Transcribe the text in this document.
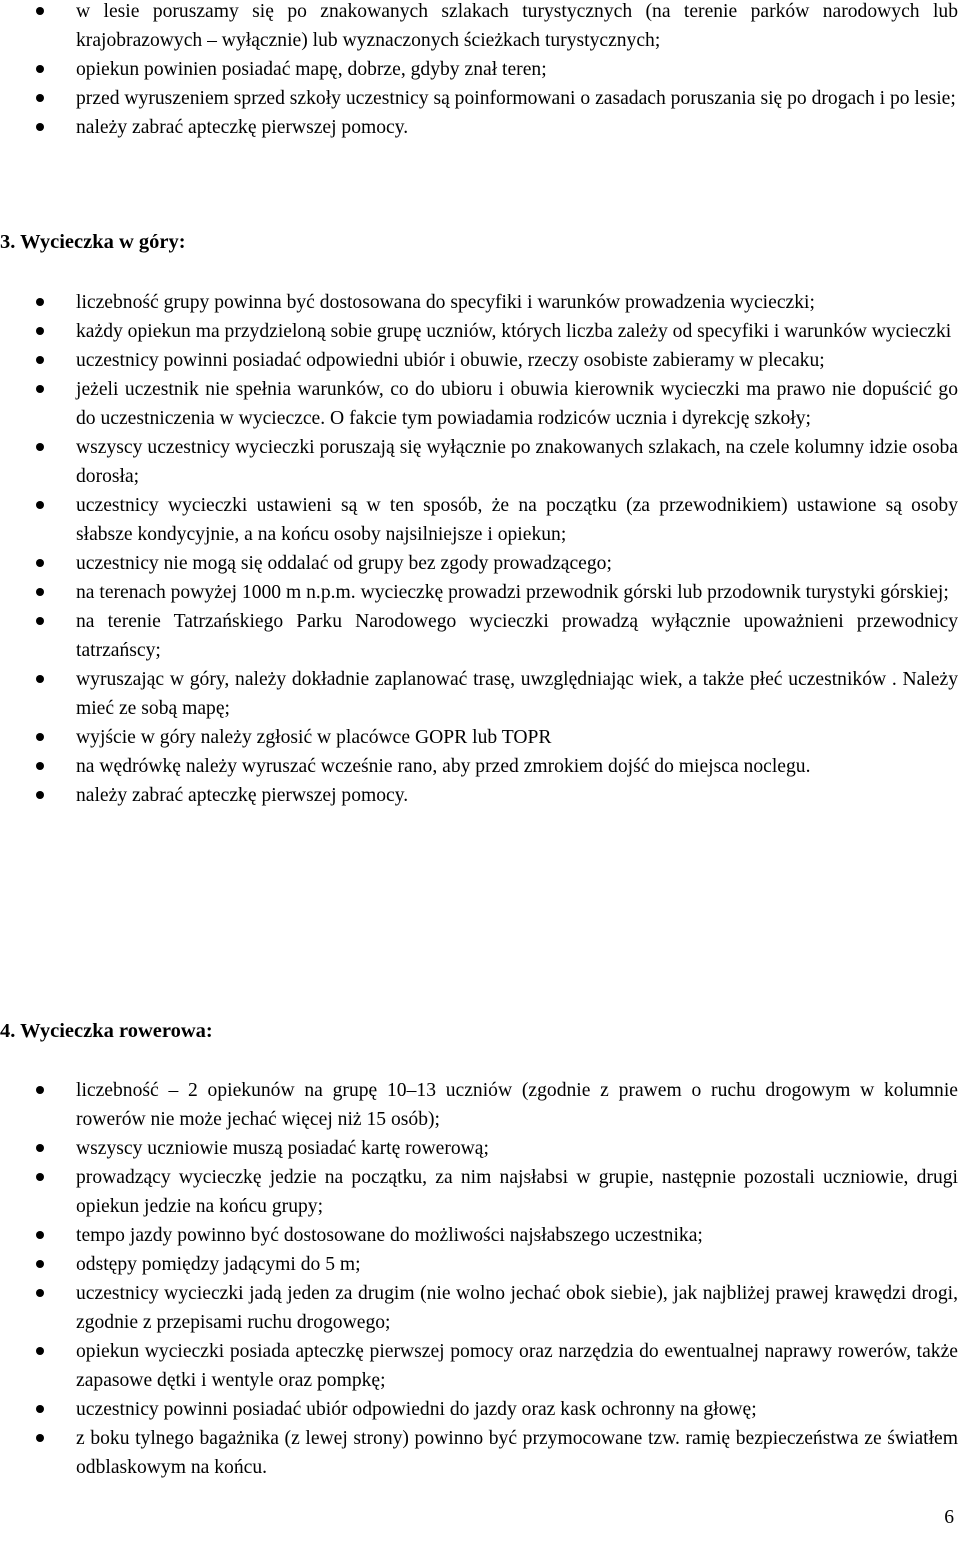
w lesie poruszamy się po znakowanych szlakach turystycznych (na terenie parków narodowych lub krajobrazowych – wyłącznie) lub wyznaczonych ścieżkach turystycznych;
opiekun powinien posiadać mapę, dobrze, gdyby znał teren;
przed wyruszeniem sprzed szkoły uczestnicy są poinformowani o zasadach poruszania się po drogach i po lesie;
należy zabrać apteczkę pierwszej pomocy.
3. Wycieczka w góry:
liczebność grupy powinna być dostosowana do specyfiki i warunków prowadzenia wycieczki;
każdy opiekun ma przydzieloną sobie grupę uczniów, których liczba zależy od specyfiki i warunków wycieczki
uczestnicy powinni posiadać odpowiedni ubiór i obuwie, rzeczy osobiste zabieramy w plecaku;
jeżeli uczestnik nie spełnia warunków, co do ubioru i obuwia kierownik wycieczki ma prawo nie dopuścić go do uczestniczenia w wycieczce. O fakcie tym powiadamia rodziców ucznia i dyrekcję szkoły;
wszyscy uczestnicy wycieczki poruszają się wyłącznie po znakowanych szlakach, na czele kolumny idzie osoba dorosła;
uczestnicy wycieczki ustawieni są w ten sposób, że na początku (za przewodnikiem) ustawione są osoby słabsze kondycyjnie, a na końcu osoby najsilniejsze i opiekun;
uczestnicy nie mogą się oddalać od grupy bez zgody prowadzącego;
na terenach powyżej 1000 m n.p.m. wycieczkę prowadzi przewodnik górski lub przodownik turystyki górskiej;
na terenie Tatrzańskiego Parku Narodowego wycieczki prowadzą wyłącznie upoważnieni przewodnicy tatrzańscy;
wyruszając w góry, należy dokładnie zaplanować trasę, uwzględniając wiek, a także płeć uczestników . Należy mieć ze sobą mapę;
wyjście w góry należy zgłosić w placówce GOPR lub TOPR
na wędrówkę należy wyruszać wcześnie rano, aby przed zmrokiem dojść do miejsca noclegu.
należy zabrać apteczkę pierwszej pomocy.
4. Wycieczka rowerowa:
liczebność – 2 opiekunów na grupę 10–13 uczniów (zgodnie z prawem o ruchu drogowym w kolumnie rowerów nie może jechać więcej niż 15 osób);
wszyscy uczniowie muszą posiadać kartę rowerową;
prowadzący wycieczkę jedzie na początku, za nim najsłabsi w grupie, następnie pozostali uczniowie, drugi opiekun jedzie na końcu grupy;
tempo jazdy powinno być dostosowane do możliwości najsłabszego uczestnika;
odstępy pomiędzy jadącymi do 5 m;
uczestnicy wycieczki jadą jeden za drugim (nie wolno jechać obok siebie), jak najbliżej prawej krawędzi drogi, zgodnie z przepisami ruchu drogowego;
opiekun wycieczki posiada apteczkę pierwszej pomocy oraz narzędzia do ewentualnej naprawy rowerów, także zapasowe dętki i wentyle oraz pompkę;
uczestnicy powinni posiadać ubiór odpowiedni do jazdy oraz kask ochronny na głowę;
z boku tylnego bagażnika (z lewej strony) powinno być przymocowane tzw. ramię bezpieczeństwa ze światłem odblaskowym na końcu.
6
